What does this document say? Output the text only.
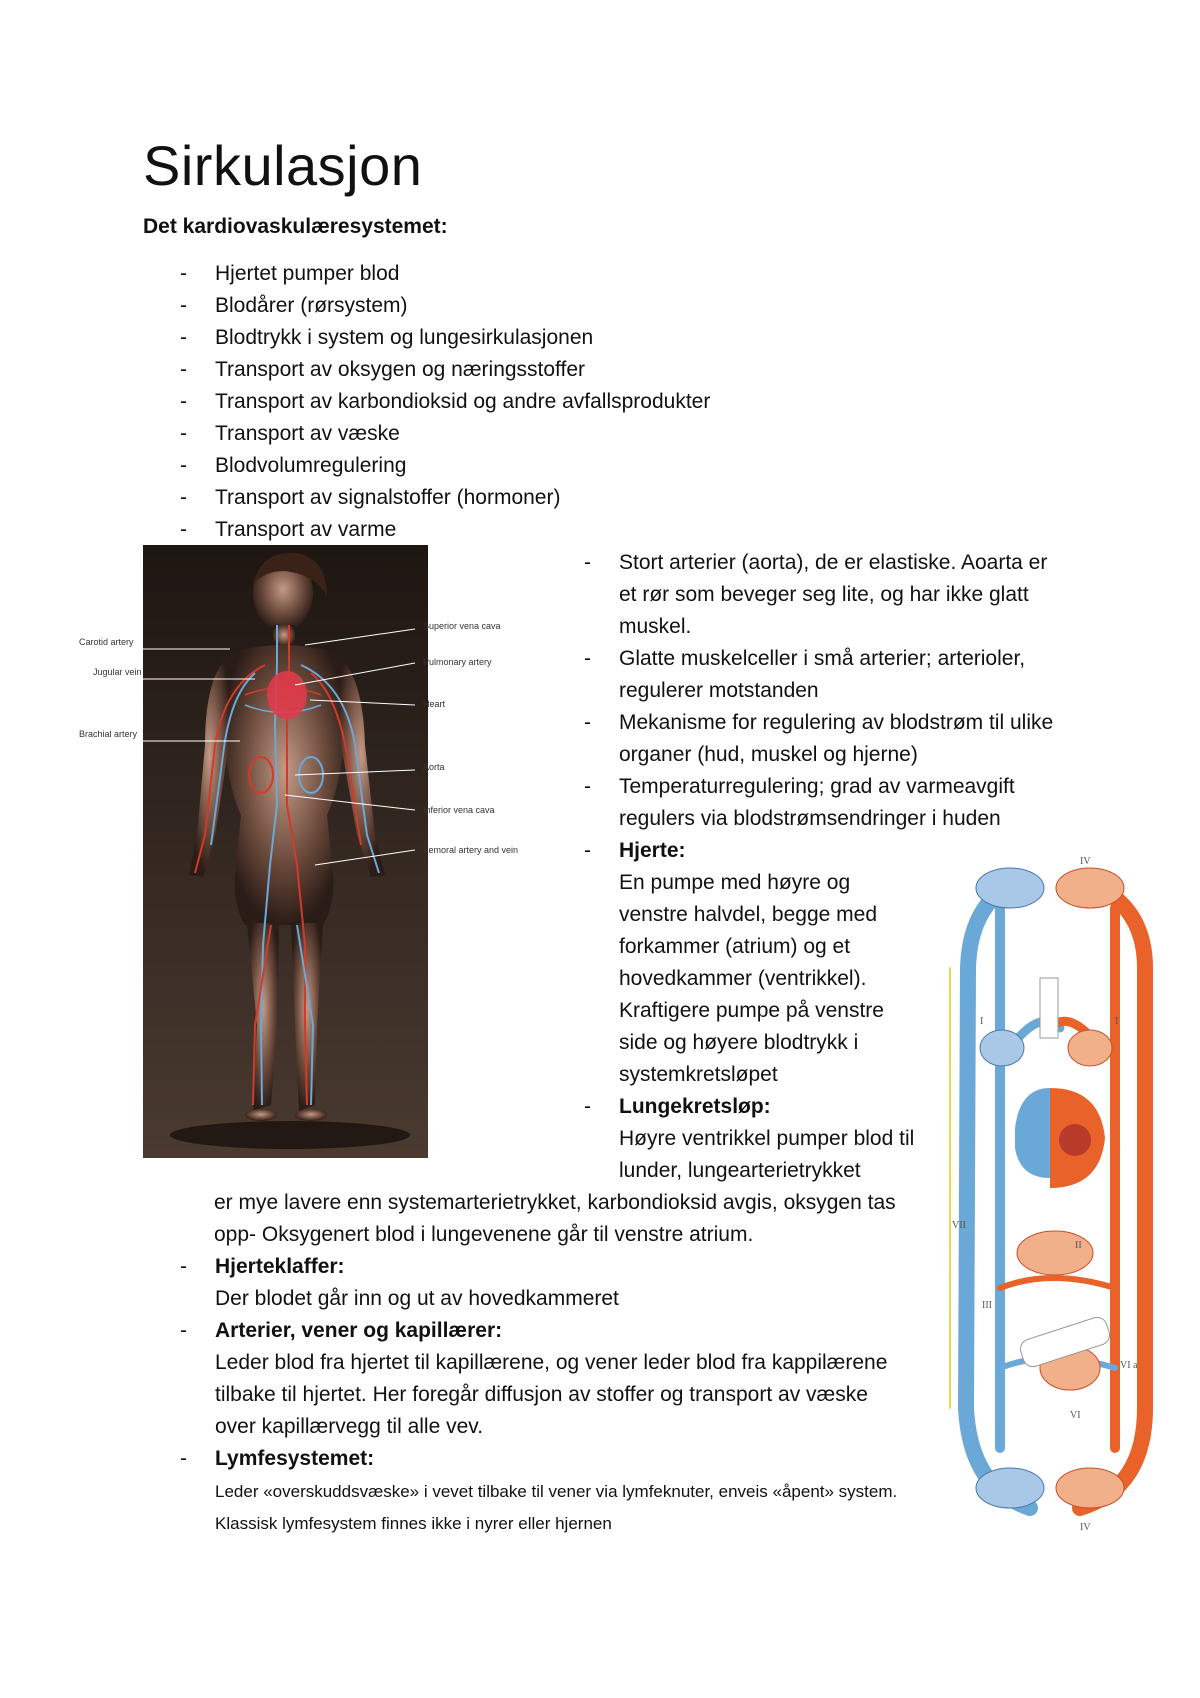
Sirkulasjon
Det kardiovaskulæresystemet:
- Hjertet pumper blod
- Blodårer (rørsystem)
- Blodtrykk i system og lungesirkulasjonen
- Transport av oksygen og næringsstoffer
- Transport av karbondioksid og andre avfallsprodukter
- Transport av væske
- Blodvolumregulering
- Transport av signalstoffer (hormoner)
- Transport av varme
Carotid artery
Jugular vein
Brachial artery
Superior vena cava
Pulmonary artery
Heart
Aorta
Inferior vena cava
Femoral artery and vein
- Stort arterier (aorta), de er elastiske. Aoarta er et rør som beveger seg lite, og har ikke glatt muskel.
- Glatte muskelceller i små arterier; arterioler, regulerer motstanden
- Mekanisme for regulering av blodstrøm til ulike organer (hud, muskel og hjerne)
- Temperaturregulering; grad av varmeavgift regulers via blodstrømsendringer i huden
- Hjerte:
En pumpe med høyre og venstre halvdel, begge med forkammer (atrium) og et hovedkammer (ventrikkel). Kraftigere pumpe på venstre side og høyere blodtrykk i systemkretsløpet
- Lungekretsløp:
Høyre ventrikkel pumper blod til lunder, lungearterietrykket
er mye lavere enn systemarterietrykket, karbondioksid avgis, oksygen tas opp- Oksygenert blod i lungevenene går til venstre atrium.
- Hjerteklaffer:
Der blodet går inn og ut av hovedkammeret
- Arterier, vener og kapillærer:
Leder blod fra hjertet til kapillærene, og vener leder blod fra kappilærene tilbake til hjertet. Her foregår diffusjon av stoffer og transport av væske over kapillærvegg til alle vev.
- Lymfesystemet:
Leder «overskuddsvæske» i vevet tilbake til vener via lymfeknuter, enveis «åpent» system. Klassisk lymfesystem finnes ikke i nyrer eller hjernen
IV
I	I
VII
II
III
VI a
VI
IV
